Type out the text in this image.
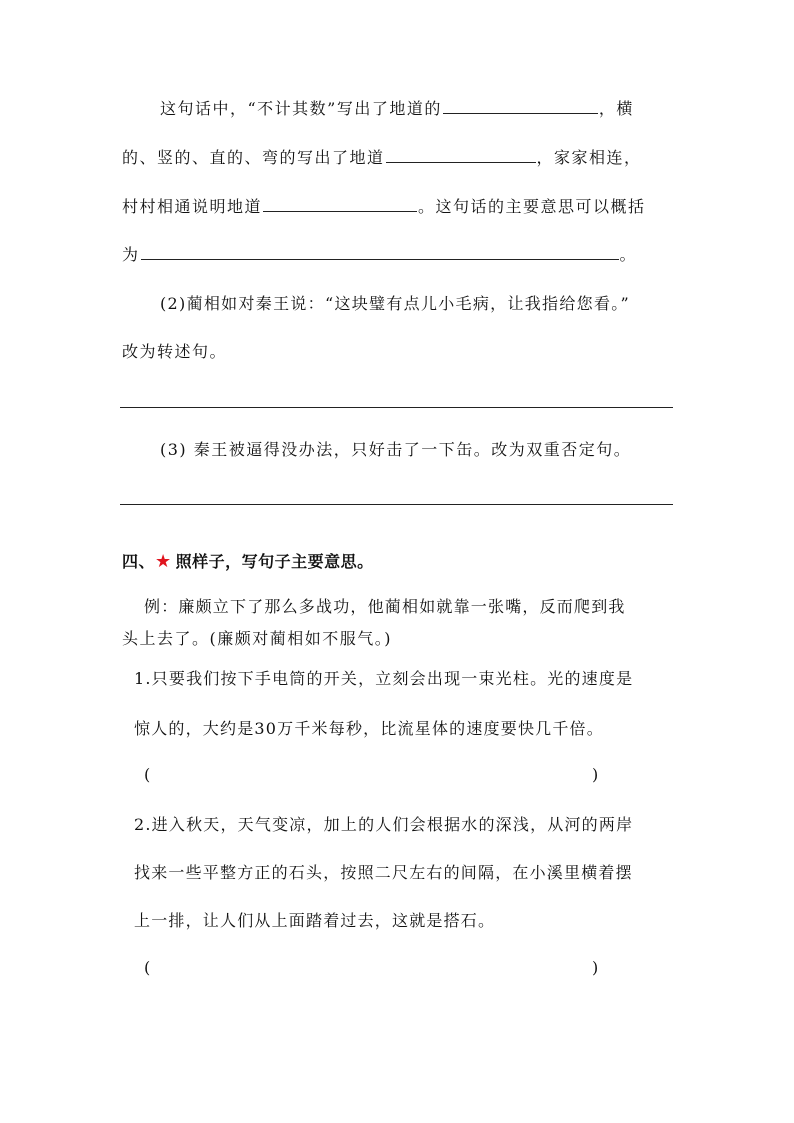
这句话中，“不计其数”写出了地道的	，横
的、竖的、直的、弯的写出了地道	，家家相连，
村村相通说明地道	。这句话的主要意思可以概括
为	。
(2)蔺相如对秦王说：“这块璧有点儿小毛病，让我指给您看。”
改为转述句。
(3) 秦王被逼得没办法，只好击了一下缶。改为双重否定句。
四、★ 照样子，写句子主要意思。
例：廉颇立下了那么多战功，他蔺相如就靠一张嘴，反而爬到我
头上去了。(廉颇对蔺相如不服气。)
1.只要我们按下手电筒的开关，立刻会出现一束光柱。光的速度是
惊人的，大约是30万千米每秒，比流星体的速度要快几千倍。
(	)
2.进入秋天，天气变凉，加上的人们会根据水的深浅，从河的两岸
找来一些平整方正的石头，按照二尺左右的间隔，在小溪里横着摆
上一排，让人们从上面踏着过去，这就是搭石。
(	)
